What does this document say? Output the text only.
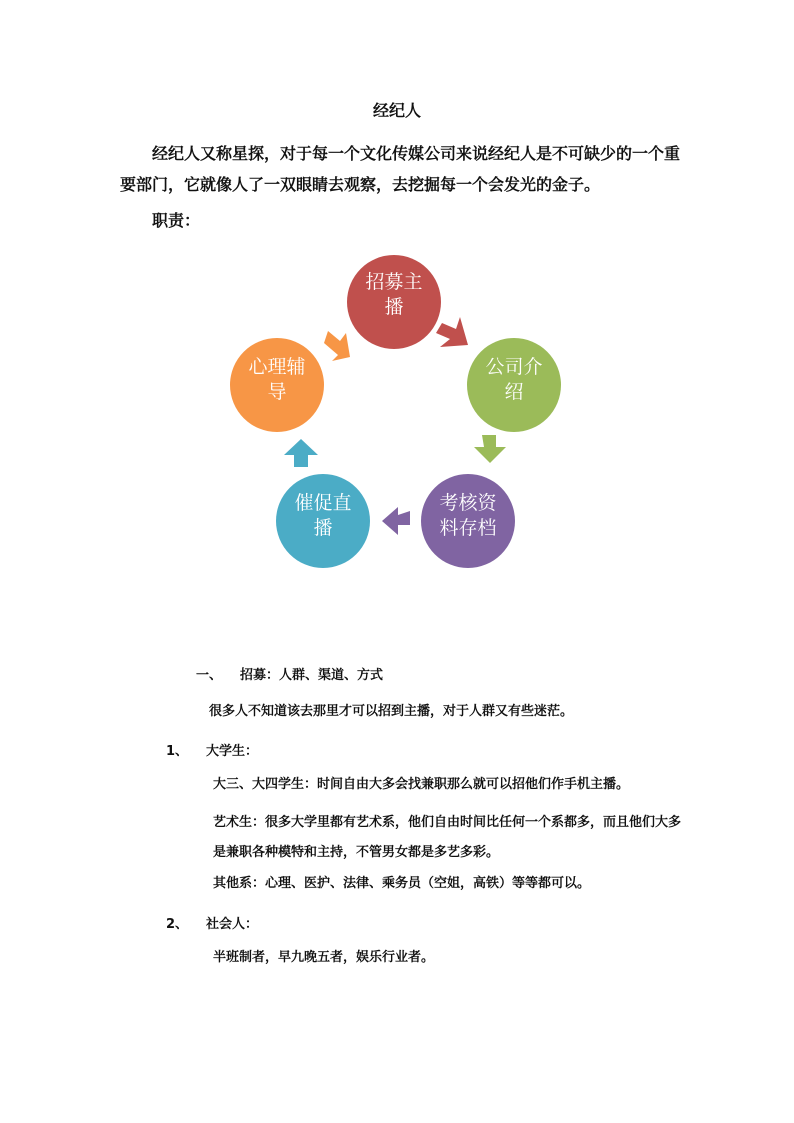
经纪人

经纪人又称星探，对于每一个文化传媒公司来说经纪人是不可缺少的一个重要部门，它就像人了一双眼睛去观察，去挖掘每一个会发光的金子。

职责：
招募主
播
公司介
绍
考核资
料存档
催促直
播
心理辅
导
一、 招募：人群、渠道、方式

很多人不知道该去那里才可以招到主播，对于人群又有些迷茫。

1、 大学生：

大三、大四学生：时间自由大多会找兼职那么就可以招他们作手机主播。

艺术生：很多大学里都有艺术系，他们自由时间比任何一个系都多，而且他们大多是兼职各种模特和主持，不管男女都是多艺多彩。

其他系：心理、医护、法律、乘务员（空姐，高铁）等等都可以。

2、 社会人：

半班制者，早九晚五者，娱乐行业者。
